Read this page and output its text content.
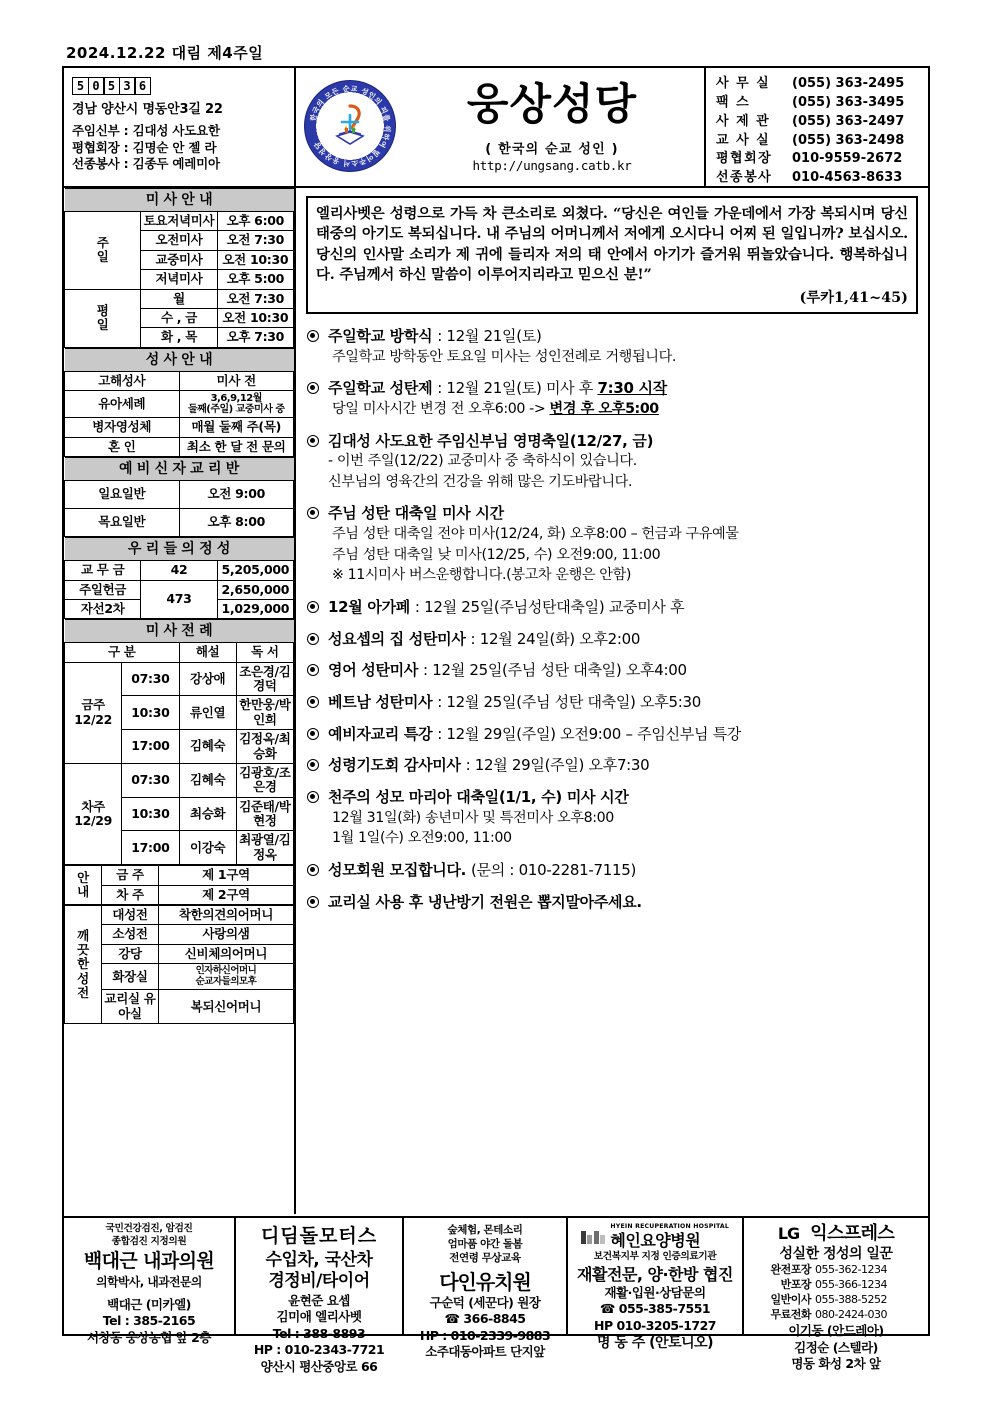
2024.12.22 대림 제4주일
5 0 5 3 6
경남 양산시 명동안3길 22
주임신부 : 김대성 사도요한
평협회장 : 김명순 안 젤 라
선종봉사 : 김종두 예레미아
한국의 모든 순교 성인의 피를 위하여 빌어주소서 웅상성당
웅상성당
( 한국의 순교 성인 )
http://ungsang.catb.kr
사 무 실	(055) 363-2495
팩 스	(055) 363-3495
사 제 관	(055) 363-2497
교 사 실	(055) 363-2498
평협회장	010-9559-2672
선종봉사	010-4563-8633
미 사 안 내		
주
일	토요저녁미사	오후 6:00
	오전미사	오전 7:30
	교중미사	오전 10:30
	저녁미사	오후 5:00
평
일	월	오전 7:30
	수 , 금	오전 10:30
	화 , 목	오후 7:30
성 사 안 내	
고해성사	미사 전
유아세례	3,6,9,12월
둘째(주일) 교중미사 중

병자영성체	매월 둘째 주(목)
혼 인	최소 한 달 전 문의
예 비 신 자 교 리 반	
일요일반	오전 9:00
목요일반	오후 8:00
우 리 들 의 정 성		
교 무 금	42	5,205,000
주일헌금	473	2,650,000
자선2차		1,029,000
미 사 전 례			
구 분		해설	독 서

금주
12/22	07:30	강상애	조은경/김경덕
	10:30	류인열	한만웅/박인희
	17:00	김혜숙	김정옥/최승화

차주
12/29	07:30	김혜숙	김광호/조은경
	10:30	최승화	김준태/박현정
	17:00	이강숙	최광열/김정옥
안
내	금 주	제 1구역
	차 주	제 2구역
깨
끗
한
성
전	대성전	착한의견의어머니
	소성전	사랑의샘
	강당	신비체의어머니
	화장실	인자하신어머니
순교자들의모후

	교리실 유아실	복되신어머니
엘리사벳은 성령으로 가득 차 큰소리로 외쳤다. “당신은 여인들 가운데에서 가장 복되시며 당신 태중의 아기도 복되십니다. 내 주님의 어머니께서 저에게 오시다니 어찌 된 일입니까? 보십시오. 당신의 인사말 소리가 제 귀에 들리자 저의 태 안에서 아기가 즐거워 뛰놀았습니다. 행복하십니다. 주님께서 하신 말씀이 이루어지리라고 믿으신 분!”
(루카1,41~45)
주일학교 방학식 : 12월 21일(토)
주일학교 방학동안 토요일 미사는 성인전례로 거행됩니다.
주일학교 성탄제 : 12월 21일(토) 미사 후 7:30 시작
당일 미사시간 변경 전 오후6:00 -> 변경 후 오후5:00
김대성 사도요한 주임신부님 영명축일(12/27, 금)
- 이번 주일(12/22) 교중미사 중 축하식이 있습니다.
신부님의 영육간의 건강을 위해 많은 기도바랍니다.
주님 성탄 대축일 미사 시간
주님 성탄 대축일 전야 미사(12/24, 화) 오후8:00 – 헌금과 구유예물
주님 성탄 대축일 낮 미사(12/25, 수) 오전9:00, 11:00
※ 11시미사 버스운행합니다.(봉고차 운행은 안함)
12월 아가페 : 12월 25일(주님성탄대축일) 교중미사 후
성요셉의 집 성탄미사 : 12월 24일(화) 오후2:00
영어 성탄미사 : 12월 25일(주님 성탄 대축일) 오후4:00
베트남 성탄미사 : 12월 25일(주님 성탄 대축일) 오후5:30
예비자교리 특강 : 12월 29일(주일) 오전9:00 – 주임신부님 특강
성령기도회 감사미사 : 12월 29일(주일) 오후7:30
천주의 성모 마리아 대축일(1/1, 수) 미사 시간
12월 31일(화) 송년미사 및 특전미사 오후8:00
1월 1일(수) 오전9:00, 11:00
성모회원 모집합니다. (문의 : 010-2281-7115)
교리실 사용 후 냉난방기 전원은 뽑지말아주세요.
국민건강검진, 암검진
종합검진 지정의원
백대근 내과의원
의학박사, 내과전문의
백대근 (미카엘)
Tel : 385-2165
서창동 웅상농협 앞 2층
디딤돌모터스
수입차, 국산차
경정비/타이어
윤현준 요셉
김미애 엘리사벳
Tel : 388-8893
HP : 010-2343-7721
양산시 평산중앙로 66
숲체험, 몬테소리
엄마품 야간 돌봄
전연령 무상교육
다인유치원
구순덕 (세꾼다) 원장
☎ 366-8845
HP : 010-2339-9883
소주대동아파트 단지앞
HYEIN RECUPERATION HOSPITAL
혜인요양병원
보건복지부 지정 인증의료기관
재활전문, 양·한방 협진
재활·입원·상담문의
☎ 055-385-7551
HP 010-3205-1727
명 동 주 (안토니오)
LG 익스프레스
성실한 정성의 일꾼
완전포장	055-362-1234
반포장	055-366-1234
일반이사	055-388-5252
무료전화	080-2424-030
이기동 (안드레아)
김정순 (스텔라)
명동 화성 2차 앞
